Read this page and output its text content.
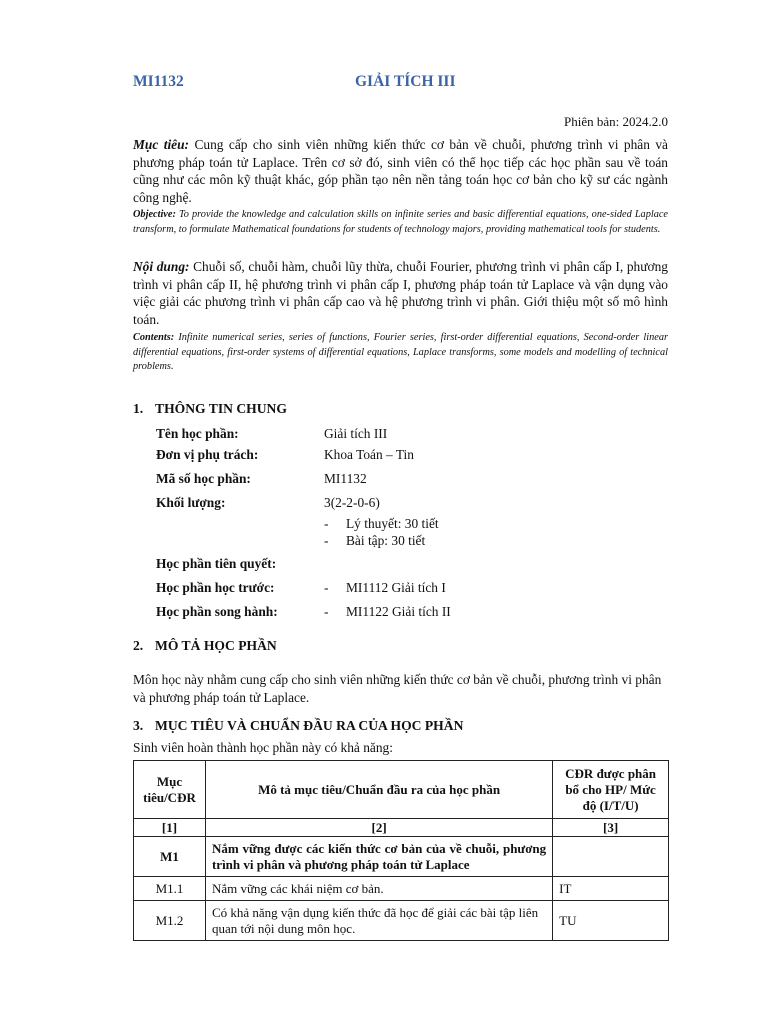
MI1132	GIẢI TÍCH III
Phiên bản: 2024.2.0
Mục tiêu: Cung cấp cho sinh viên những kiến thức cơ bản về chuỗi, phương trình vi phân và phương pháp toán tử Laplace. Trên cơ sở đó, sinh viên có thể học tiếp các học phần sau về toán cũng như các môn kỹ thuật khác, góp phần tạo nên nền tảng toán học cơ bản cho kỹ sư các ngành công nghệ.
Objective: To provide the knowledge and calculation skills on infinite series and basic differential equations, one-sided Laplace transform, to formulate Mathematical foundations for students of technology majors, providing mathematical tools for students.
Nội dung: Chuỗi số, chuỗi hàm, chuỗi lũy thừa, chuỗi Fourier, phương trình vi phân cấp I, phương trình vi phân cấp II, hệ phương trình vi phân cấp I, phương pháp toán tử Laplace và vận dụng vào việc giải các phương trình vi phân cấp cao và hệ phương trình vi phân. Giới thiệu một số mô hình toán.
Contents: Infinite numerical series, series of functions, Fourier series, first-order differential equations, Second-order linear differential equations, first-order systems of differential equations, Laplace transforms, some models and modelling of technical problems.
1. THÔNG TIN CHUNG
Tên học phần:	Giải tích III
Đơn vị phụ trách:	Khoa Toán – Tin
Mã số học phần:	MI1132
Khối lượng:	3(2-2-0-6)
- Lý thuyết: 30 tiết
- Bài tập: 30 tiết
Học phần tiên quyết:
Học phần học trước:	- MI1112 Giải tích I
Học phần song hành:	- MI1122 Giải tích II
2. MÔ TẢ HỌC PHẦN
Môn học này nhằm cung cấp cho sinh viên những kiến thức cơ bản về chuỗi, phương trình vi phân và phương pháp toán tử Laplace.
3. MỤC TIÊU VÀ CHUẨN ĐẦU RA CỦA HỌC PHẦN
Sinh viên hoàn thành học phần này có khả năng:
Mục tiêu/CĐR	Mô tả mục tiêu/Chuẩn đầu ra của học phần	CĐR được phân bổ cho HP/ Mức độ (I/T/U)
[1]	[2]	[3]
M1	Nắm vững được các kiến thức cơ bản của về chuỗi, phương trình vi phân và phương pháp toán tử Laplace	
M1.1	Nắm vững các khái niệm cơ bản.	IT
M1.2	Có khả năng vận dụng kiến thức đã học để giải các bài tập liên quan tới nội dung môn học.	TU
